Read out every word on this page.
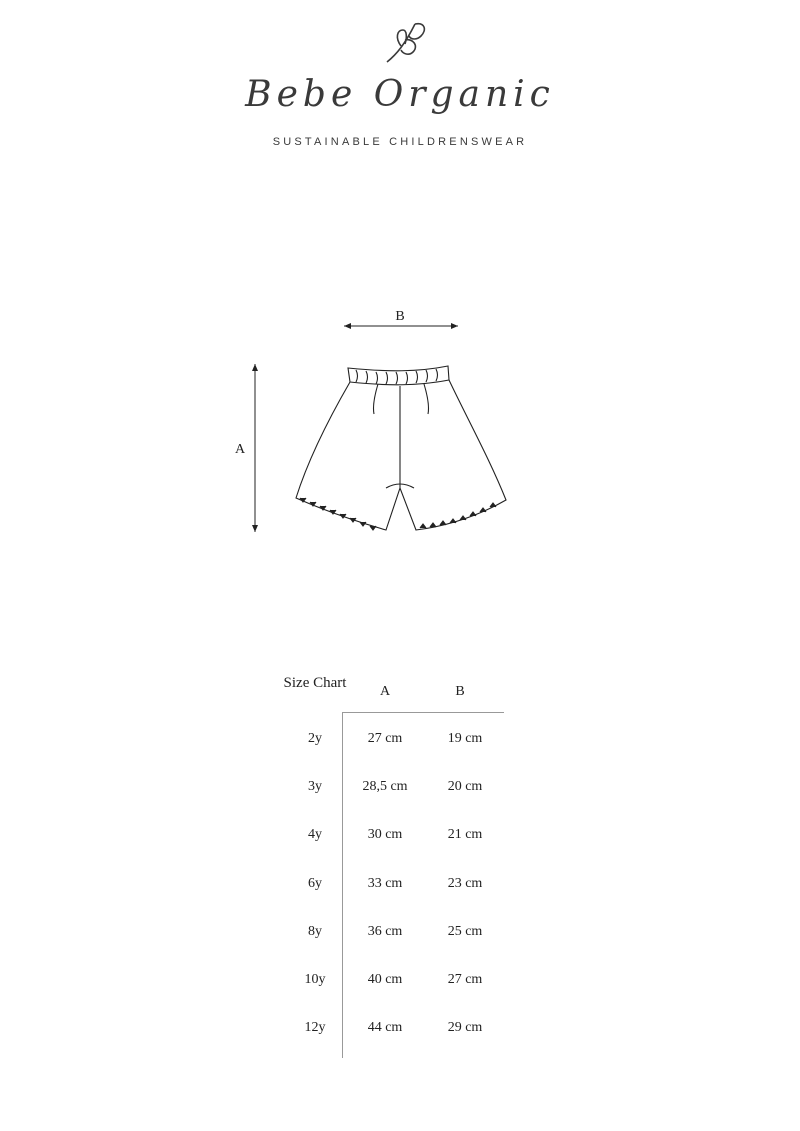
Bebe Organic
SUSTAINABLE CHILDRENSWEAR
B
A
Size Chart
A	B
2y	27 cm	19 cm
3y	28,5 cm	20 cm
4y	30 cm	21 cm
6y	33 cm	23 cm
8y	36 cm	25 cm
10y	40 cm	27 cm
12y	44 cm	29 cm
